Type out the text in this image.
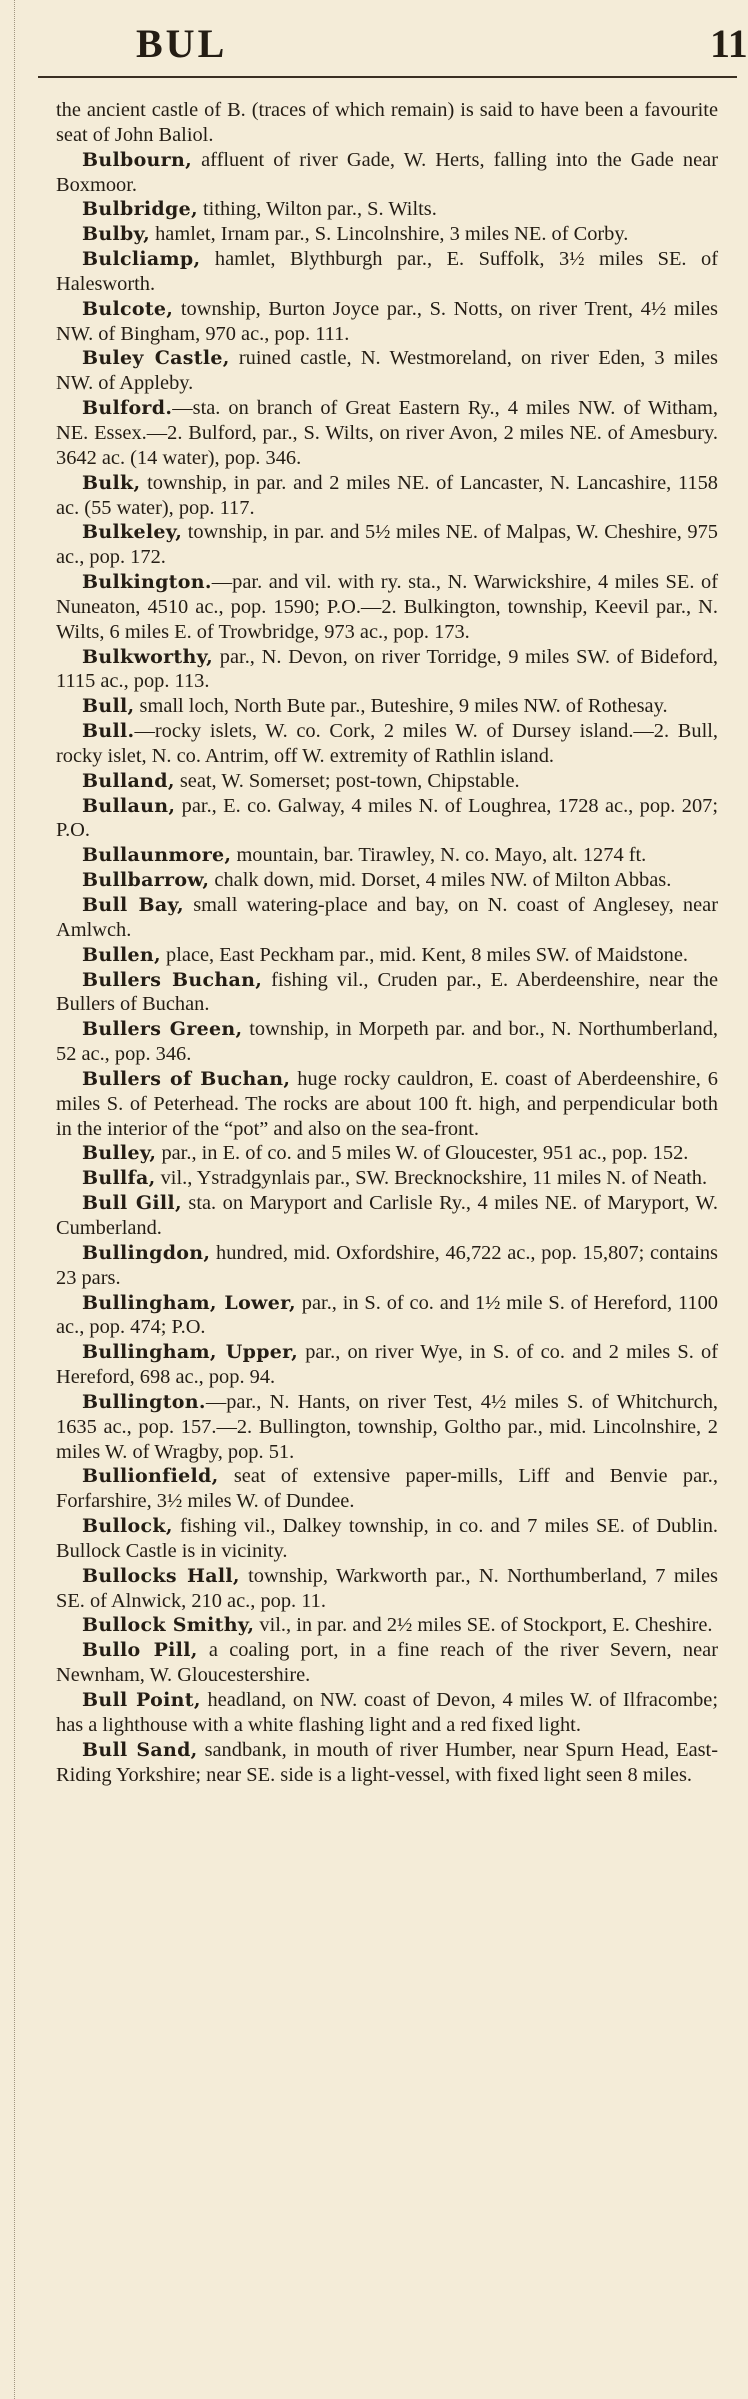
BUL	11

the ancient castle of B. (traces of which remain) is said to have been a favourite seat of John Baliol.

Bulbourn, affluent of river Gade, W. Herts, falling into the Gade near Boxmoor.

Bulbridge, tithing, Wilton par., S. Wilts.

Bulby, hamlet, Irnam par., S. Lincolnshire, 3 miles NE. of Corby.

Bulcliamp, hamlet, Blythburgh par., E. Suffolk, 3½ miles SE. of Halesworth.

Bulcote, township, Burton Joyce par., S. Notts, on river Trent, 4½ miles NW. of Bingham, 970 ac., pop. 111.

Buley Castle, ruined castle, N. Westmoreland, on river Eden, 3 miles NW. of Appleby.

Bulford.—sta. on branch of Great Eastern Ry., 4 miles NW. of Witham, NE. Essex.—2. Bulford, par., S. Wilts, on river Avon, 2 miles NE. of Amesbury. 3642 ac. (14 water), pop. 346.

Bulk, township, in par. and 2 miles NE. of Lancaster, N. Lancashire, 1158 ac. (55 water), pop. 117.

Bulkeley, township, in par. and 5½ miles NE. of Malpas, W. Cheshire, 975 ac., pop. 172.

Bulkington.—par. and vil. with ry. sta., N. Warwickshire, 4 miles SE. of Nuneaton, 4510 ac., pop. 1590; P.O.—2. Bulkington, township, Keevil par., N. Wilts, 6 miles E. of Trowbridge, 973 ac., pop. 173.

Bulkworthy, par., N. Devon, on river Torridge, 9 miles SW. of Bideford, 1115 ac., pop. 113.

Bull, small loch, North Bute par., Buteshire, 9 miles NW. of Rothesay.

Bull.—rocky islets, W. co. Cork, 2 miles W. of Dursey island.—2. Bull, rocky islet, N. co. Antrim, off W. extremity of Rathlin island.

Bulland, seat, W. Somerset; post-town, Chipstable.

Bullaun, par., E. co. Galway, 4 miles N. of Loughrea, 1728 ac., pop. 207; P.O.

Bullaunmore, mountain, bar. Tirawley, N. co. Mayo, alt. 1274 ft.

Bullbarrow, chalk down, mid. Dorset, 4 miles NW. of Milton Abbas.

Bull Bay, small watering-place and bay, on N. coast of Anglesey, near Amlwch.

Bullen, place, East Peckham par., mid. Kent, 8 miles SW. of Maidstone.

Bullers Buchan, fishing vil., Cruden par., E. Aberdeenshire, near the Bullers of Buchan.

Bullers Green, township, in Morpeth par. and bor., N. Northumberland, 52 ac., pop. 346.

Bullers of Buchan, huge rocky cauldron, E. coast of Aberdeenshire, 6 miles S. of Peterhead. The rocks are about 100 ft. high, and perpendicular both in the interior of the “pot” and also on the sea-front.

Bulley, par., in E. of co. and 5 miles W. of Gloucester, 951 ac., pop. 152.

Bullfa, vil., Ystradgynlais par., SW. Brecknockshire, 11 miles N. of Neath.

Bull Gill, sta. on Maryport and Carlisle Ry., 4 miles NE. of Maryport, W. Cumberland.

Bullingdon, hundred, mid. Oxfordshire, 46,722 ac., pop. 15,807; contains 23 pars.

Bullingham, Lower, par., in S. of co. and 1½ mile S. of Hereford, 1100 ac., pop. 474; P.O.

Bullingham, Upper, par., on river Wye, in S. of co. and 2 miles S. of Hereford, 698 ac., pop. 94.

Bullington.—par., N. Hants, on river Test, 4½ miles S. of Whitchurch, 1635 ac., pop. 157.—2. Bullington, township, Goltho par., mid. Lincolnshire, 2 miles W. of Wragby, pop. 51.

Bullionfield, seat of extensive paper-mills, Liff and Benvie par., Forfarshire, 3½ miles W. of Dundee.

Bullock, fishing vil., Dalkey township, in co. and 7 miles SE. of Dublin. Bullock Castle is in vicinity.

Bullocks Hall, township, Warkworth par., N. Northumberland, 7 miles SE. of Alnwick, 210 ac., pop. 11.

Bullock Smithy, vil., in par. and 2½ miles SE. of Stockport, E. Cheshire.

Bullo Pill, a coaling port, in a fine reach of the river Severn, near Newnham, W. Gloucestershire.

Bull Point, headland, on NW. coast of Devon, 4 miles W. of Ilfracombe; has a lighthouse with a white flashing light and a red fixed light.

Bull Sand, sandbank, in mouth of river Humber, near Spurn Head, East-Riding Yorkshire; near SE. side is a light-vessel, with fixed light seen 8 miles.
